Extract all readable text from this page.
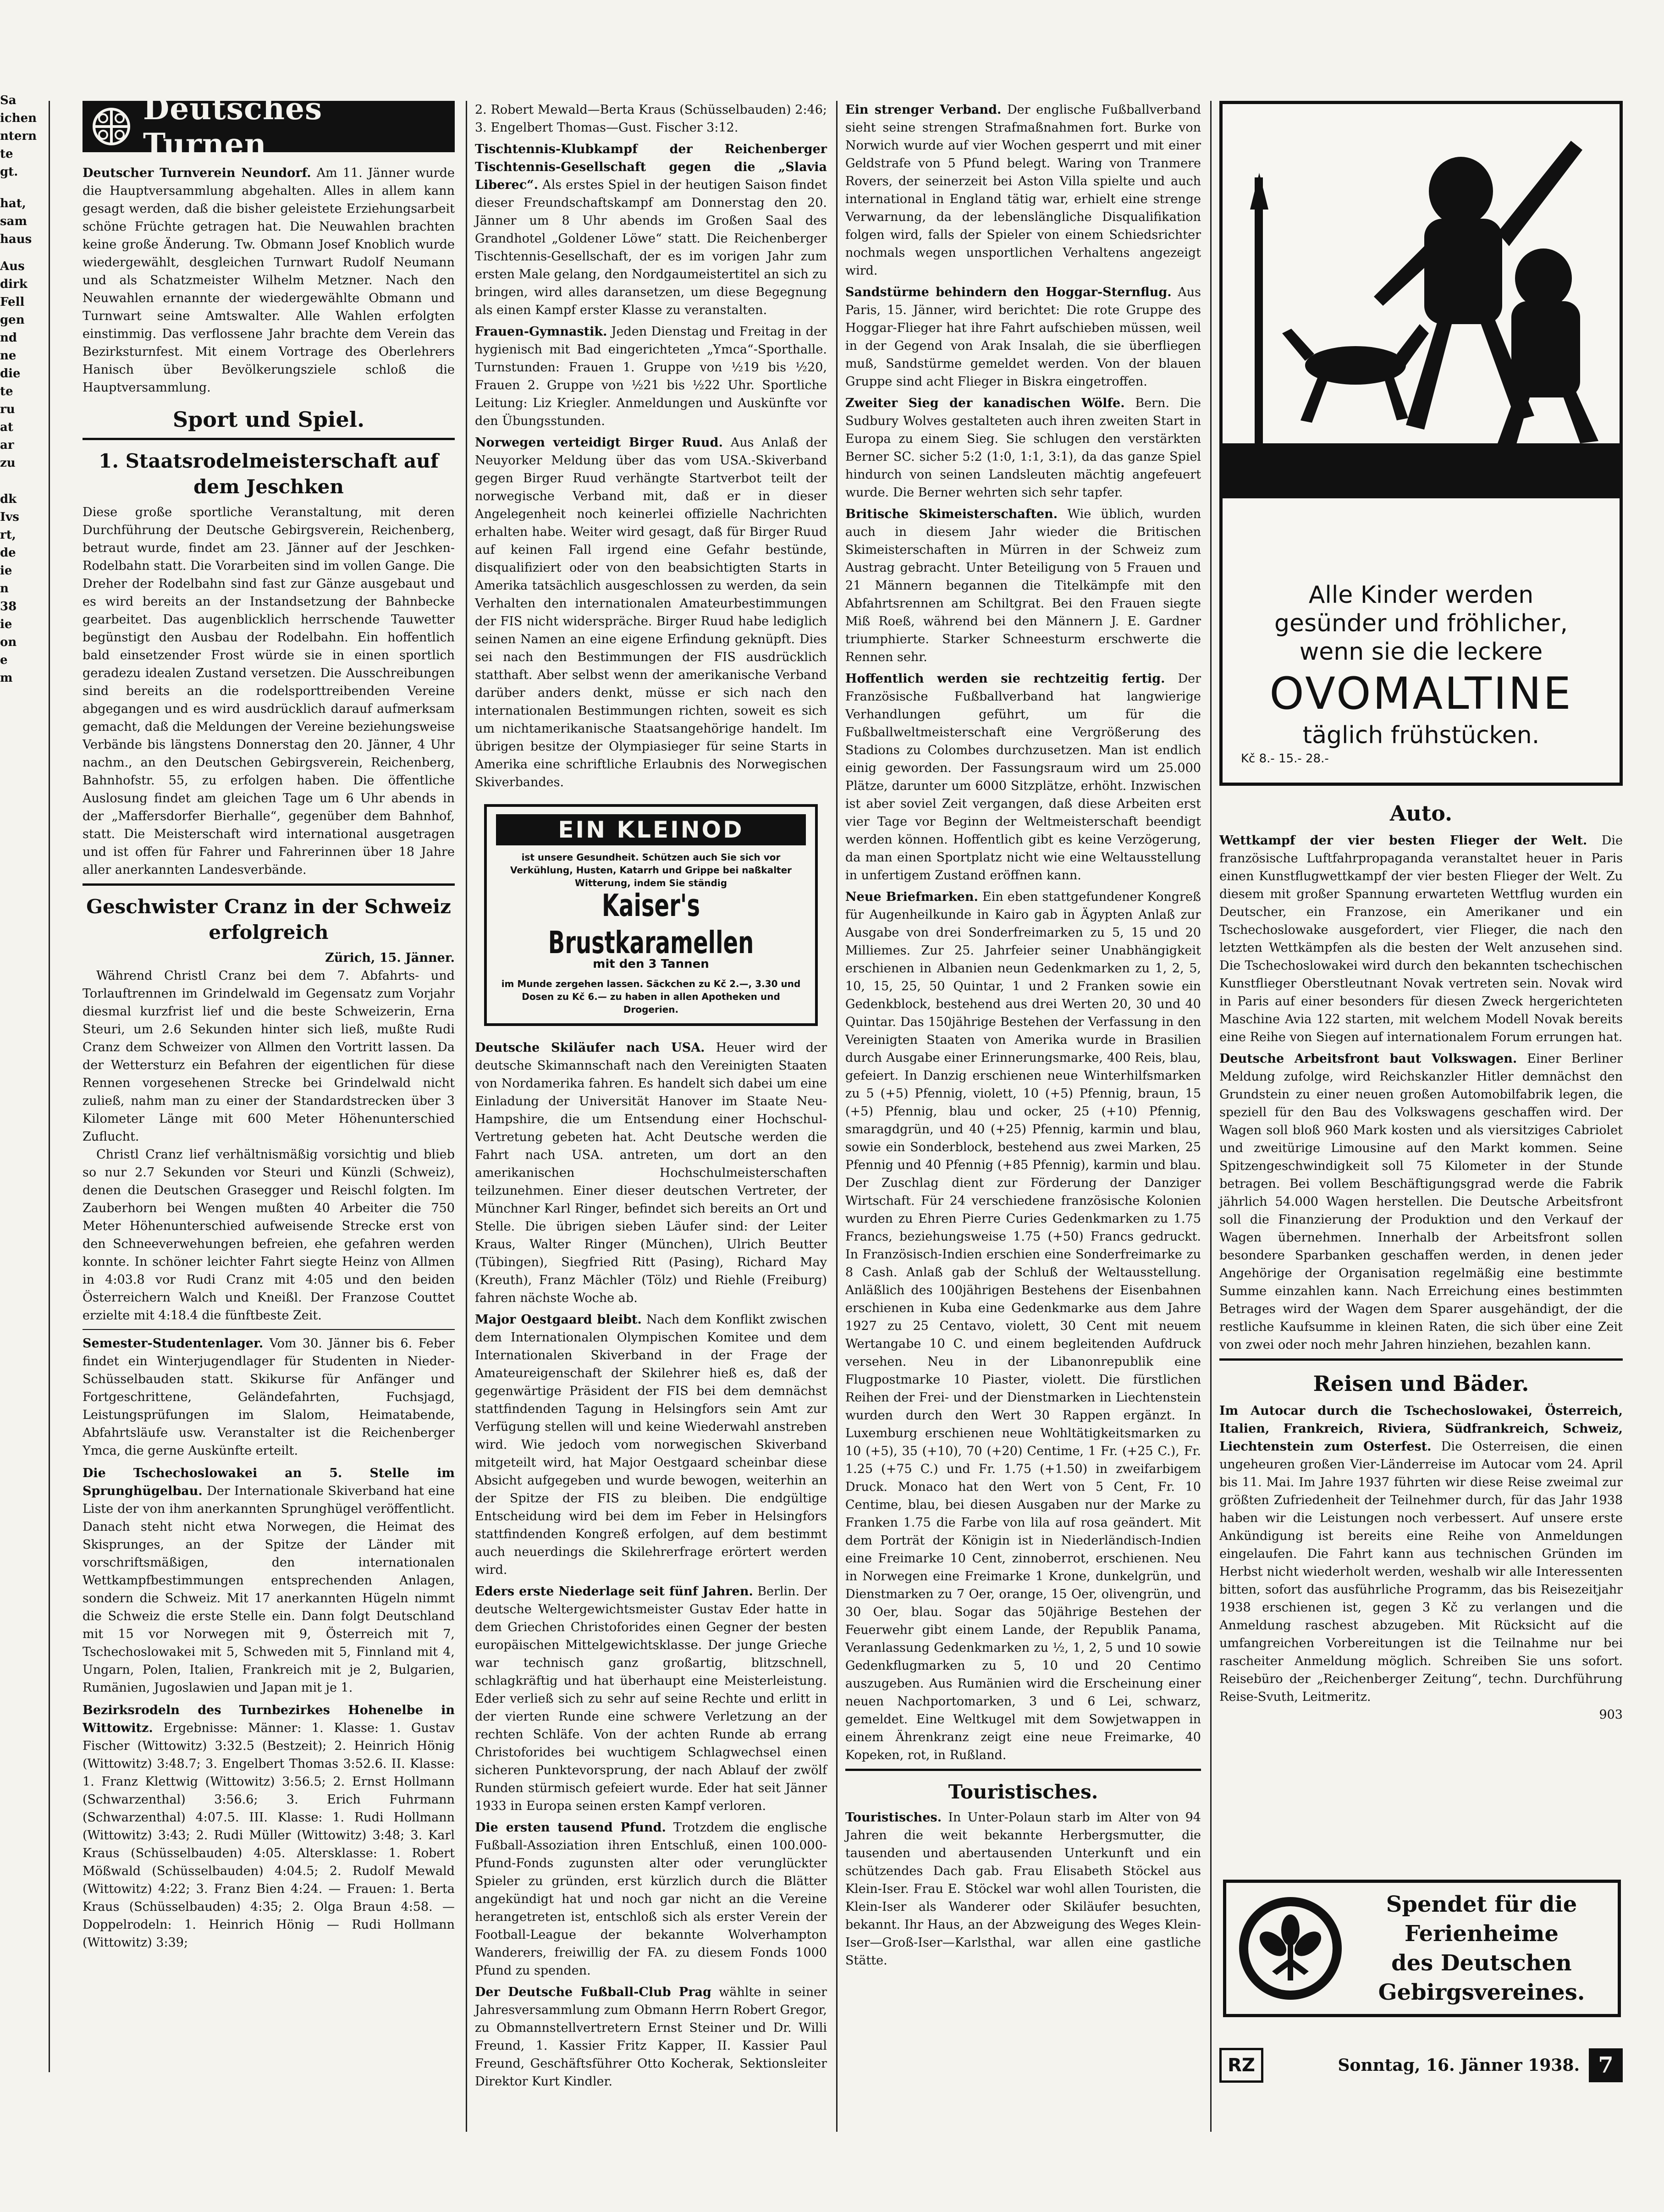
Sa
ichen
ntern
te
gt.
hat,
sam
haus
Aus
dirk
Fell
gen
nd
ne
die
te
ru
at
ar
zu
dk
Ivs
rt,
de
ie
n
38
ie
on
e
m
Deutsches Turnen

Deutscher Turnverein Neundorf. Am 11. Jänner wurde die Hauptversammlung abgehalten. Alles in allem kann gesagt werden, daß die bisher geleistete Erziehungsarbeit schöne Früchte getragen hat. Die Neuwahlen brachten keine große Änderung. Tw. Obmann Josef Knoblich wurde wiedergewählt, desgleichen Turnwart Rudolf Neumann und als Schatzmeister Wilhelm Metzner. Nach den Neuwahlen ernannte der wiedergewählte Obmann und Turnwart seine Amtswalter. Alle Wahlen erfolgten einstimmig. Das verflossene Jahr brachte dem Verein das Bezirksturnfest. Mit einem Vortrage des Oberlehrers Hanisch über Bevölkerungsziele schloß die Hauptversammlung.

Sport und Spiel.
1. Staatsrodelmeisterschaft auf dem Jeschken

Diese große sportliche Veranstaltung, mit deren Durchführung der Deutsche Gebirgsverein, Reichenberg, betraut wurde, findet am 23. Jänner auf der Jeschken-Rodelbahn statt. Die Vorarbeiten sind im vollen Gange. Die Dreher der Rodelbahn sind fast zur Gänze ausgebaut und es wird bereits an der Instandsetzung der Bahnbecke gearbeitet. Das augenblicklich herrschende Tauwetter begünstigt den Ausbau der Rodelbahn. Ein hoffentlich bald einsetzender Frost würde sie in einen sportlich geradezu idealen Zustand versetzen. Die Ausschreibungen sind bereits an die rodelsporttreibenden Vereine abgegangen und es wird ausdrücklich darauf aufmerksam gemacht, daß die Meldungen der Vereine beziehungsweise Verbände bis längstens Donnerstag den 20. Jänner, 4 Uhr nachm., an den Deutschen Gebirgsverein, Reichenberg, Bahnhofstr. 55, zu erfolgen haben. Die öffentliche Auslosung findet am gleichen Tage um 6 Uhr abends in der „Maffersdorfer Bierhalle“, gegenüber dem Bahnhof, statt. Die Meisterschaft wird international ausgetragen und ist offen für Fahrer und Fahrerinnen über 18 Jahre aller anerkannten Landesverbände.

Geschwister Cranz in der Schweiz erfolgreich

Zürich, 15. Jänner.

Während Christl Cranz bei dem 7. Abfahrts- und Torlauftrennen im Grindelwald im Gegensatz zum Vorjahr diesmal kurzfrist lief und die beste Schweizerin, Erna Steuri, um 2.6 Sekunden hinter sich ließ, mußte Rudi Cranz dem Schweizer von Allmen den Vortritt lassen. Da der Wettersturz ein Befahren der eigentlichen für diese Rennen vorgesehenen Strecke bei Grindelwald nicht zuließ, nahm man zu einer der Standardstrecken über 3 Kilometer Länge mit 600 Meter Höhenunterschied Zuflucht.

Christl Cranz lief verhältnismäßig vorsichtig und blieb so nur 2.7 Sekunden vor Steuri und Künzli (Schweiz), denen die Deutschen Grasegger und Reischl folgten. Im Zauberhorn bei Wengen mußten 40 Arbeiter die 750 Meter Höhenunterschied aufweisende Strecke erst von den Schneeverwehungen befreien, ehe gefahren werden konnte. In schöner leichter Fahrt siegte Heinz von Allmen in 4:03.8 vor Rudi Cranz mit 4:05 und den beiden Österreichern Walch und Kneißl. Der Franzose Couttet erzielte mit 4:18.4 die fünftbeste Zeit.

Semester-Studentenlager. Vom 30. Jänner bis 6. Feber findet ein Winterjugendlager für Studenten in Nieder-Schüsselbauden statt. Skikurse für Anfänger und Fortgeschrittene, Geländefahrten, Fuchsjagd, Leistungsprüfungen im Slalom, Heimatabende, Abfahrtsläufe usw. Veranstalter ist die Reichenberger Ymca, die gerne Auskünfte erteilt.

Die Tschechoslowakei an 5. Stelle im Sprunghügelbau. Der Internationale Skiverband hat eine Liste der von ihm anerkannten Sprunghügel veröffentlicht. Danach steht nicht etwa Norwegen, die Heimat des Skisprunges, an der Spitze der Länder mit vorschriftsmäßigen, den internationalen Wettkampfbestimmungen entsprechenden Anlagen, sondern die Schweiz. Mit 17 anerkannten Hügeln nimmt die Schweiz die erste Stelle ein. Dann folgt Deutschland mit 15 vor Norwegen mit 9, Österreich mit 7, Tschechoslowakei mit 5, Schweden mit 5, Finnland mit 4, Ungarn, Polen, Italien, Frankreich mit je 2, Bulgarien, Rumänien, Jugoslawien und Japan mit je 1.

Bezirksrodeln des Turnbezirkes Hohenelbe in Wittowitz. Ergebnisse: Männer: 1. Klasse: 1. Gustav Fischer (Wittowitz) 3:32.5 (Bestzeit); 2. Heinrich Hönig (Wittowitz) 3:48.7; 3. Engelbert Thomas 3:52.6. II. Klasse: 1. Franz Klettwig (Wittowitz) 3:56.5; 2. Ernst Hollmann (Schwarzenthal) 3:56.6; 3. Erich Fuhrmann (Schwarzenthal) 4:07.5. III. Klasse: 1. Rudi Hollmann (Wittowitz) 3:43; 2. Rudi Müller (Wittowitz) 3:48; 3. Karl Kraus (Schüsselbauden) 4:05. Altersklasse: 1. Robert Mößwald (Schüsselbauden) 4:04.5; 2. Rudolf Mewald (Wittowitz) 4:22; 3. Franz Bien 4:24. — Frauen: 1. Berta Kraus (Schüsselbauden) 4:35; 2. Olga Braun 4:58. — Doppelrodeln: 1. Heinrich Hönig — Rudi Hollmann (Wittowitz) 3:39;

2. Robert Mewald—Berta Kraus (Schüsselbauden) 2:46; 3. Engelbert Thomas—Gust. Fischer 3:12.

Tischtennis-Klubkampf der Reichenberger Tischtennis-Gesellschaft gegen die „Slavia Liberec“. Als erstes Spiel in der heutigen Saison findet dieser Freundschaftskampf am Donnerstag den 20. Jänner um 8 Uhr abends im Großen Saal des Grandhotel „Goldener Löwe“ statt. Die Reichenberger Tischtennis-Gesellschaft, der es im vorigen Jahr zum ersten Male gelang, den Nordgaumeistertitel an sich zu bringen, wird alles daransetzen, um diese Begegnung als einen Kampf erster Klasse zu veranstalten.

Frauen-Gymnastik. Jeden Dienstag und Freitag in der hygienisch mit Bad eingerichteten „Ymca“-Sporthalle. Turnstunden: Frauen 1. Gruppe von ½19 bis ½20, Frauen 2. Gruppe von ½21 bis ½22 Uhr. Sportliche Leitung: Liz Kriegler. Anmeldungen und Auskünfte vor den Übungsstunden.

Norwegen verteidigt Birger Ruud. Aus Anlaß der Neuyorker Meldung über das vom USA.-Skiverband gegen Birger Ruud verhängte Startverbot teilt der norwegische Verband mit, daß er in dieser Angelegenheit noch keinerlei offizielle Nachrichten erhalten habe. Weiter wird gesagt, daß für Birger Ruud auf keinen Fall irgend eine Gefahr bestünde, disqualifiziert oder von den beabsichtigten Starts in Amerika tatsächlich ausgeschlossen zu werden, da sein Verhalten den internationalen Amateurbestimmungen der FIS nicht widerspräche. Birger Ruud habe lediglich seinen Namen an eine eigene Erfindung geknüpft. Dies sei nach den Bestimmungen der FIS ausdrücklich statthaft. Aber selbst wenn der amerikanische Verband darüber anders denkt, müsse er sich nach den internationalen Bestimmungen richten, soweit es sich um nichtamerikanische Staatsangehörige handelt. Im übrigen besitze der Olympiasieger für seine Starts in Amerika eine schriftliche Erlaubnis des Norwegischen Skiverbandes.

EIN KLEINOD
ist unsere Gesundheit. Schützen auch Sie sich vor Verkühlung, Husten, Katarrh und Grippe bei naßkalter Witterung, indem Sie ständig
Kaiser's Brustkaramellen
mit den 3 Tannen
im Munde zergehen lassen. Säckchen zu Kč 2.—, 3.30 und Dosen zu Kč 6.— zu haben in allen Apotheken und Drogerien.

Deutsche Skiläufer nach USA. Heuer wird der deutsche Skimannschaft nach den Vereinigten Staaten von Nordamerika fahren. Es handelt sich dabei um eine Einladung der Universität Hanover im Staate Neu-Hampshire, die um Entsendung einer Hochschul-Vertretung gebeten hat. Acht Deutsche werden die Fahrt nach USA. antreten, um dort an den amerikanischen Hochschulmeisterschaften teilzunehmen. Einer dieser deutschen Vertreter, der Münchner Karl Ringer, befindet sich bereits an Ort und Stelle. Die übrigen sieben Läufer sind: der Leiter Kraus, Walter Ringer (München), Ulrich Beutter (Tübingen), Siegfried Ritt (Pasing), Richard May (Kreuth), Franz Mächler (Tölz) und Riehle (Freiburg) fahren nächste Woche ab.

Major Oestgaard bleibt. Nach dem Konflikt zwischen dem Internationalen Olympischen Komitee und dem Internationalen Skiverband in der Frage der Amateureigenschaft der Skilehrer hieß es, daß der gegenwärtige Präsident der FIS bei dem demnächst stattfindenden Tagung in Helsingfors sein Amt zur Verfügung stellen will und keine Wiederwahl anstreben wird. Wie jedoch vom norwegischen Skiverband mitgeteilt wird, hat Major Oestgaard scheinbar diese Absicht aufgegeben und wurde bewogen, weiterhin an der Spitze der FIS zu bleiben. Die endgültige Entscheidung wird bei dem im Feber in Helsingfors stattfindenden Kongreß erfolgen, auf dem bestimmt auch neuerdings die Skilehrerfrage erörtert werden wird.

Eders erste Niederlage seit fünf Jahren. Berlin. Der deutsche Weltergewichtsmeister Gustav Eder hatte in dem Griechen Christoforides einen Gegner der besten europäischen Mittelgewichtsklasse. Der junge Grieche war technisch ganz großartig, blitzschnell, schlagkräftig und hat überhaupt eine Meisterleistung. Eder verließ sich zu sehr auf seine Rechte und erlitt in der vierten Runde eine schwere Verletzung an der rechten Schläfe. Von der achten Runde ab errang Christoforides bei wuchtigem Schlagwechsel einen sicheren Punktevorsprung, der nach Ablauf der zwölf Runden stürmisch gefeiert wurde. Eder hat seit Jänner 1933 in Europa seinen ersten Kampf verloren.

Die ersten tausend Pfund. Trotzdem die englische Fußball-Assoziation ihren Entschluß, einen 100.000-Pfund-Fonds zugunsten alter oder verunglückter Spieler zu gründen, erst kürzlich durch die Blätter angekündigt hat und noch gar nicht an die Vereine herangetreten ist, entschloß sich als erster Verein der Football-League der bekannte Wolverhampton Wanderers, freiwillig der FA. zu diesem Fonds 1000 Pfund zu spenden.

Der Deutsche Fußball-Club Prag wählte in seiner Jahresversammlung zum Obmann Herrn Robert Gregor, zu Obmannstellvertretern Ernst Steiner und Dr. Willi Freund, 1. Kassier Fritz Kapper, II. Kassier Paul Freund, Geschäftsführer Otto Kocherak, Sektionsleiter Direktor Kurt Kindler.

Ein strenger Verband. Der englische Fußballverband sieht seine strengen Strafmaßnahmen fort. Burke von Norwich wurde auf vier Wochen gesperrt und mit einer Geldstrafe von 5 Pfund belegt. Waring von Tranmere Rovers, der seinerzeit bei Aston Villa spielte und auch international in England tätig war, erhielt eine strenge Verwarnung, da der lebenslängliche Disqualifikation folgen wird, falls der Spieler von einem Schiedsrichter nochmals wegen unsportlichen Verhaltens angezeigt wird.

Sandstürme behindern den Hoggar-Sternflug. Aus Paris, 15. Jänner, wird berichtet: Die rote Gruppe des Hoggar-Flieger hat ihre Fahrt aufschieben müssen, weil in der Gegend von Arak Insalah, die sie überfliegen muß, Sandstürme gemeldet werden. Von der blauen Gruppe sind acht Flieger in Biskra eingetroffen.

Zweiter Sieg der kanadischen Wölfe. Bern. Die Sudbury Wolves gestalteten auch ihren zweiten Start in Europa zu einem Sieg. Sie schlugen den verstärkten Berner SC. sicher 5:2 (1:0, 1:1, 3:1), da das ganze Spiel hindurch von seinen Landsleuten mächtig angefeuert wurde. Die Berner wehrten sich sehr tapfer.

Britische Skimeisterschaften. Wie üblich, wurden auch in diesem Jahr wieder die Britischen Skimeisterschaften in Mürren in der Schweiz zum Austrag gebracht. Unter Beteiligung von 5 Frauen und 21 Männern begannen die Titelkämpfe mit den Abfahrtsrennen am Schiltgrat. Bei den Frauen siegte Miß Roeß, während bei den Männern J. E. Gardner triumphierte. Starker Schneesturm erschwerte die Rennen sehr.

Hoffentlich werden sie rechtzeitig fertig. Der Französische Fußballverband hat langwierige Verhandlungen geführt, um für die Fußballweltmeisterschaft eine Vergrößerung des Stadions zu Colombes durchzusetzen. Man ist endlich einig geworden. Der Fassungsraum wird um 25.000 Plätze, darunter um 6000 Sitzplätze, erhöht. Inzwischen ist aber soviel Zeit vergangen, daß diese Arbeiten erst vier Tage vor Beginn der Weltmeisterschaft beendigt werden können. Hoffentlich gibt es keine Verzögerung, da man einen Sportplatz nicht wie eine Weltausstellung in unfertigem Zustand eröffnen kann.

Neue Briefmarken. Ein eben stattgefundener Kongreß für Augenheilkunde in Kairo gab in Ägypten Anlaß zur Ausgabe von drei Sonderfreimarken zu 5, 15 und 20 Milliemes. Zur 25. Jahrfeier seiner Unabhängigkeit erschienen in Albanien neun Gedenkmarken zu 1, 2, 5, 10, 15, 25, 50 Quintar, 1 und 2 Franken sowie ein Gedenkblock, bestehend aus drei Werten 20, 30 und 40 Quintar. Das 150jährige Bestehen der Verfassung in den Vereinigten Staaten von Amerika wurde in Brasilien durch Ausgabe einer Erinnerungsmarke, 400 Reis, blau, gefeiert. In Danzig erschienen neue Winterhilfsmarken zu 5 (+5) Pfennig, violett, 10 (+5) Pfennig, braun, 15 (+5) Pfennig, blau und ocker, 25 (+10) Pfennig, smaragdgrün, und 40 (+25) Pfennig, karmin und blau, sowie ein Sonderblock, bestehend aus zwei Marken, 25 Pfennig und 40 Pfennig (+85 Pfennig), karmin und blau. Der Zuschlag dient zur Förderung der Danziger Wirtschaft. Für 24 verschiedene französische Kolonien wurden zu Ehren Pierre Curies Gedenkmarken zu 1.75 Francs, beziehungsweise 1.75 (+50) Francs gedruckt. In Französisch-Indien erschien eine Sonderfreimarke zu 8 Cash. Anlaß gab der Schluß der Weltausstellung. Anläßlich des 100jährigen Bestehens der Eisenbahnen erschienen in Kuba eine Gedenkmarke aus dem Jahre 1927 zu 25 Centavo, violett, 30 Cent mit neuem Wertangabe 10 C. und einem begleitenden Aufdruck versehen. Neu in der Libanonrepublik eine Flugpostmarke 10 Piaster, violett. Die fürstlichen Reihen der Frei- und der Dienstmarken in Liechtenstein wurden durch den Wert 30 Rappen ergänzt. In Luxemburg erschienen neue Wohltätigkeitsmarken zu 10 (+5), 35 (+10), 70 (+20) Centime, 1 Fr. (+25 C.), Fr. 1.25 (+75 C.) und Fr. 1.75 (+1.50) in zweifarbigem Druck. Monaco hat den Wert von 5 Cent, Fr. 10 Centime, blau, bei diesen Ausgaben nur der Marke zu Franken 1.75 die Farbe von lila auf rosa geändert. Mit dem Porträt der Königin ist in Niederländisch-Indien eine Freimarke 10 Cent, zinnoberrot, erschienen. Neu in Norwegen eine Freimarke 1 Krone, dunkelgrün, und Dienstmarken zu 7 Oer, orange, 15 Oer, olivengrün, und 30 Oer, blau. Sogar das 50jährige Bestehen der Feuerwehr gibt einem Lande, der Republik Panama, Veranlassung Gedenkmarken zu ½, 1, 2, 5 und 10 sowie Gedenkflugmarken zu 5, 10 und 20 Centimo auszugeben. Aus Rumänien wird die Erscheinung einer neuen Nachportomarken, 3 und 6 Lei, schwarz, gemeldet. Eine Weltkugel mit dem Sowjetwappen in einem Ährenkranz zeigt eine neue Freimarke, 40 Kopeken, rot, in Rußland.

Touristisches.

Touristisches. In Unter-Polaun starb im Alter von 94 Jahren die weit bekannte Herbergsmutter, die tausenden und abertausenden Unterkunft und ein schützendes Dach gab. Frau Elisabeth Stöckel aus Klein-Iser. Frau E. Stöckel war wohl allen Touristen, die Klein-Iser als Wanderer oder Skiläufer besuchten, bekannt. Ihr Haus, an der Abzweigung des Weges Klein-Iser—Groß-Iser—Karlsthal, war allen eine gastliche Stätte.

Alle Kinder werden
gesünder und fröhlicher,
wenn sie die leckere
OVOMALTINE
täglich frühstücken.
Kč 8.- 15.- 28.-
Auto.

Wettkampf der vier besten Flieger der Welt. Die französische Luftfahrpropaganda veranstaltet heuer in Paris einen Kunstflugwettkampf der vier besten Flieger der Welt. Zu diesem mit großer Spannung erwarteten Wettflug wurden ein Deutscher, ein Franzose, ein Amerikaner und ein Tschechoslowake ausgefordert, vier Flieger, die nach den letzten Wettkämpfen als die besten der Welt anzusehen sind. Die Tschechoslowakei wird durch den bekannten tschechischen Kunstflieger Oberstleutnant Novak vertreten sein. Novak wird in Paris auf einer besonders für diesen Zweck hergerichteten Maschine Avia 122 starten, mit welchem Modell Novak bereits eine Reihe von Siegen auf internationalem Forum errungen hat.

Deutsche Arbeitsfront baut Volkswagen. Einer Berliner Meldung zufolge, wird Reichskanzler Hitler demnächst den Grundstein zu einer neuen großen Automobilfabrik legen, die speziell für den Bau des Volkswagens geschaffen wird. Der Wagen soll bloß 960 Mark kosten und als viersitziges Cabriolet und zweitürige Limousine auf den Markt kommen. Seine Spitzengeschwindigkeit soll 75 Kilometer in der Stunde betragen. Bei vollem Beschäftigungsgrad werde die Fabrik jährlich 54.000 Wagen herstellen. Die Deutsche Arbeitsfront soll die Finanzierung der Produktion und den Verkauf der Wagen übernehmen. Innerhalb der Arbeitsfront sollen besondere Sparbanken geschaffen werden, in denen jeder Angehörige der Organisation regelmäßig eine bestimmte Summe einzahlen kann. Nach Erreichung eines bestimmten Betrages wird der Wagen dem Sparer ausgehändigt, der die restliche Kaufsumme in kleinen Raten, die sich über eine Zeit von zwei oder noch mehr Jahren hinziehen, bezahlen kann.

Reisen und Bäder.

Im Autocar durch die Tschechoslowakei, Österreich, Italien, Frankreich, Riviera, Südfrankreich, Schweiz, Liechtenstein zum Osterfest. Die Osterreisen, die einen ungeheuren großen Vier-Länderreise im Autocar vom 24. April bis 11. Mai. Im Jahre 1937 führten wir diese Reise zweimal zur größten Zufriedenheit der Teilnehmer durch, für das Jahr 1938 haben wir die Leistungen noch verbessert. Auf unsere erste Ankündigung ist bereits eine Reihe von Anmeldungen eingelaufen. Die Fahrt kann aus technischen Gründen im Herbst nicht wiederholt werden, weshalb wir alle Interessenten bitten, sofort das ausführliche Programm, das bis Reisezeitjahr 1938 erschienen ist, gegen 3 Kč zu verlangen und die Anmeldung raschest abzugeben. Mit Rücksicht auf die umfangreichen Vorbereitungen ist die Teilnahme nur bei rascheiter Anmeldung möglich. Schreiben Sie uns sofort. Reisebüro der „Reichenberger Zeitung“, techn. Durchführung Reise-Svuth, Leitmeritz.

903

Spendet für die
Ferienheime
des Deutschen
Gebirgsvereines.
RZ	Sonntag, 16. Jänner 1938. 7
